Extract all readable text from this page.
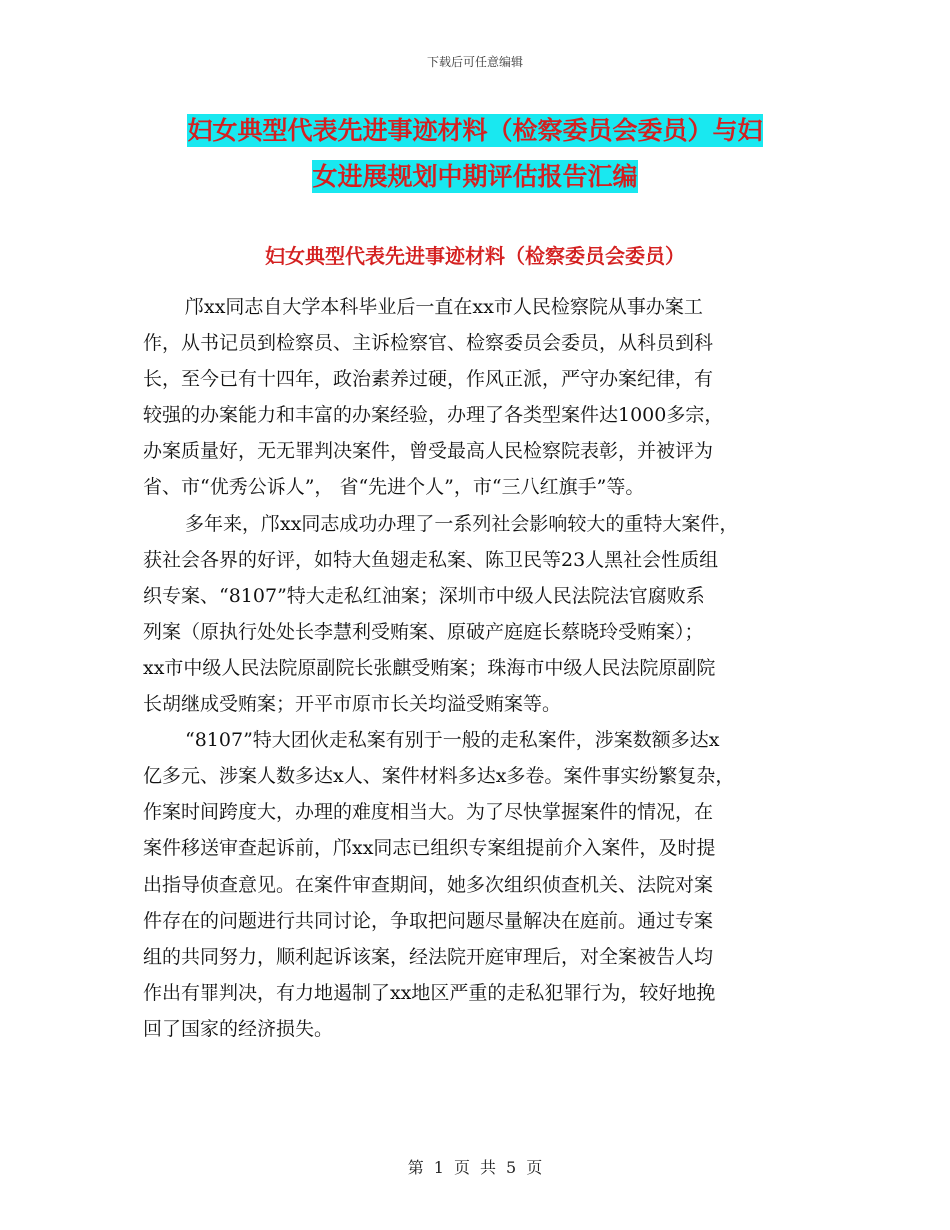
下载后可任意编辑
妇女典型代表先进事迹材料（检察委员会委员）与妇
女进展规划中期评估报告汇编
妇女典型代表先进事迹材料（检察委员会委员）
邝xx同志自大学本科毕业后一直在xx市人民检察院从事办案工
作，从书记员到检察员、主诉检察官、检察委员会委员，从科员到科
长，至今已有十四年，政治素养过硬，作风正派，严守办案纪律，有
较强的办案能力和丰富的办案经验，办理了各类型案件达1000多宗，
办案质量好，无无罪判决案件，曾受最高人民检察院表彰，并被评为
省、市“优秀公诉人”， 省“先进个人”，市“三八红旗手”等。
多年来，邝xx同志成功办理了一系列社会影响较大的重特大案件，
获社会各界的好评，如特大鱼翅走私案、陈卫民等23人黑社会性质组
织专案、“8107”特大走私红油案；深圳市中级人民法院法官腐败系
列案（原执行处处长李慧利受贿案、原破产庭庭长蔡晓玲受贿案）；
xx市中级人民法院原副院长张麒受贿案；珠海市中级人民法院原副院
长胡继成受贿案；开平市原市长关均溢受贿案等。
“8107”特大团伙走私案有别于一般的走私案件，涉案数额多达x
亿多元、涉案人数多达x人、案件材料多达x多卷。案件事实纷繁复杂，
作案时间跨度大，办理的难度相当大。为了尽快掌握案件的情况，在
案件移送审查起诉前，邝xx同志已组织专案组提前介入案件，及时提
出指导侦查意见。在案件审查期间，她多次组织侦查机关、法院对案
件存在的问题进行共同讨论，争取把问题尽量解决在庭前。通过专案
组的共同努力，顺利起诉该案，经法院开庭审理后，对全案被告人均
作出有罪判决，有力地遏制了xx地区严重的走私犯罪行为，较好地挽
回了国家的经济损失。
第 1 页 共 5 页
